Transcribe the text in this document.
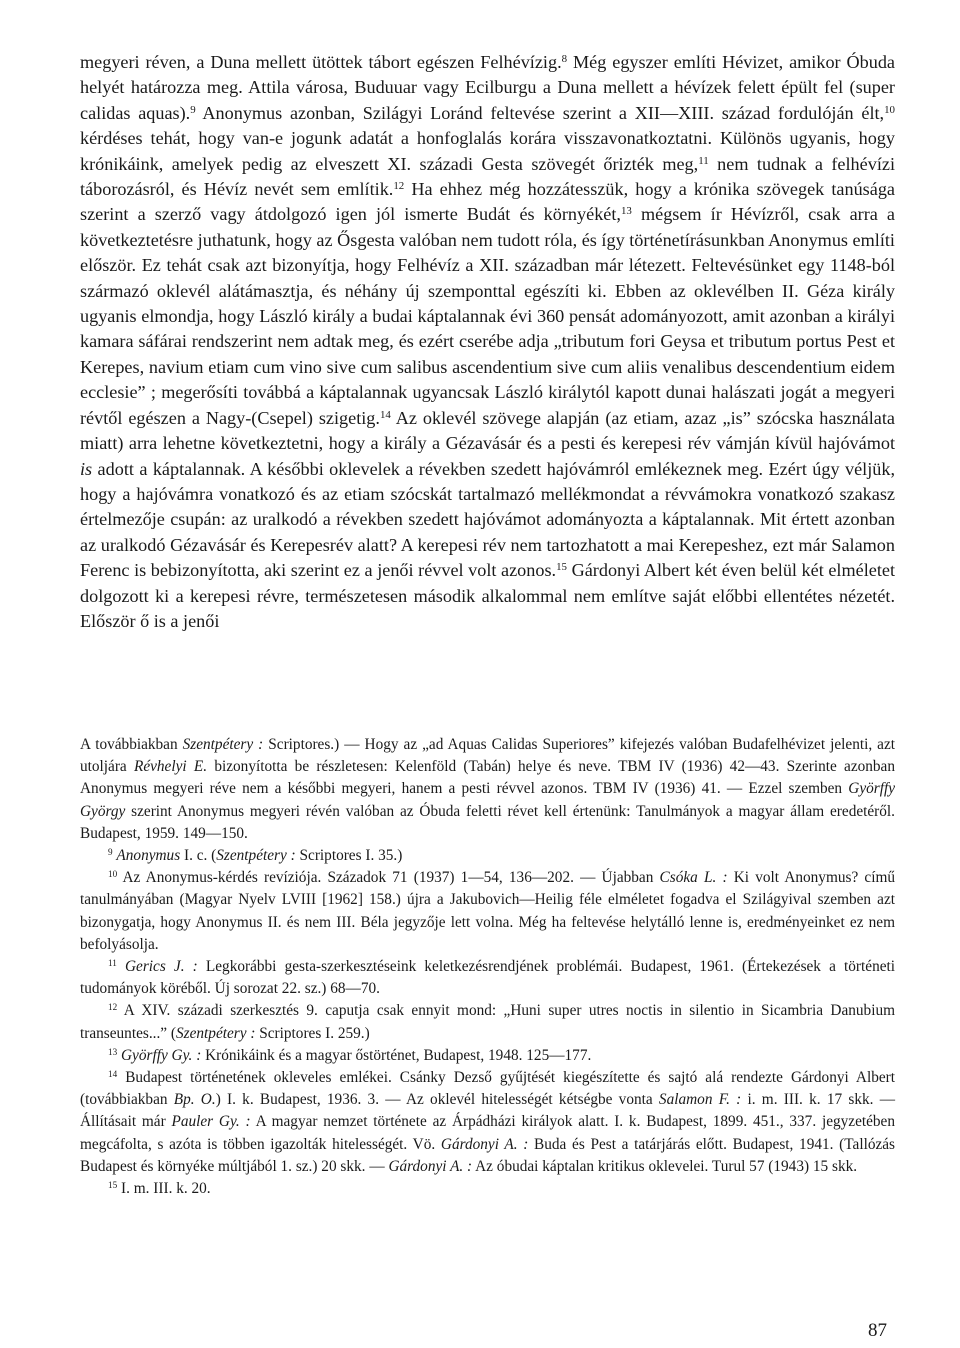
megyeri réven, a Duna mellett ütöttek tábort egészen Felhévízig.$^8$ Még egyszer említi Hévizet, amikor Óbuda helyét határozza meg. Attila városa, Buduuar vagy Ecilburgu a Duna mellett a hévízek felett épült fel (super calidas aquas).$^9$ Anonymus azonban, Szilágyi Loránd feltevése szerint a XII—XIII. század fordulóján élt,$^{10}$ kérdéses tehát, hogy van-e jogunk adatát a honfoglalás korára visszavonatkoztatni. Különös ugyanis, hogy krónikáink, amelyek pedig az elveszett XI. századi Gesta szövegét őrizték meg,$^{11}$ nem tudnak a felhévízi táborozásról, és Hévíz nevét sem említik.$^{12}$ Ha ehhez még hozzátesszük, hogy a krónika szövegek tanúsága szerint a szerző vagy átdolgozó igen jól ismerte Budát és környékét,$^{13}$ mégsem ír Hévízről, csak arra a következtetésre juthatunk, hogy az Ősgesta valóban nem tudott róla, és így történetírásunkban Anonymus említi először. Ez tehát csak azt bizonyítja, hogy Felhévíz a XII. században már létezett. Feltevésünket egy 1148-ból származó oklevél alátámasztja, és néhány új szemponttal egészíti ki. Ebben az oklevélben II. Géza király ugyanis elmondja, hogy László király a budai káptalannak évi 360 pensát adományozott, amit azonban a királyi kamara sáfárai rendszerint nem adtak meg, és ezért cserébe adja „tributum fori Geysa et tributum portus Pest et Kerepes, navium etiam cum vino sive cum salibus ascendentium sive cum aliis venalibus descendentium eidem ecclesie” ; megerősíti továbbá a káptalannak ugyancsak László királytól kapott dunai halászati jogát a megyeri révtől egészen a Nagy-(Csepel) szigetig.$^{14}$ Az oklevél szövege alapján (az etiam, azaz „is” szócska használata miatt) arra lehetne következtetni, hogy a király a Gézavásár és a pesti és kerepesi rév vámján kívül hajóvámot is adott a káptalannak. A későbbi oklevelek a révekben szedett hajóvámról emlékeznek meg. Ezért úgy véljük, hogy a hajóvámra vonatkozó és az etiam szócskát tartalmazó mellékmondat a révvámokra vonatkozó szakasz értelmezője csupán: az uralkodó a révekben szedett hajóvámot adományozta a káptalannak. Mit értett azonban az uralkodó Gézavásár és Kerepesrév alatt? A kerepesi rév nem tartozhatott a mai Kerepeshez, ezt már Salamon Ferenc is bebizonyította, aki szerint ez a jenői révvel volt azonos.$^{15}$ Gárdonyi Albert két éven belül két elméletet dolgozott ki a kerepesi révre, természetesen második alkalommal nem említve saját előbbi ellentétes nézetét. Először ő is a jenői

A továbbiakban Szentpétery : Scriptores.) — Hogy az „ad Aquas Calidas Superiores” kifejezés valóban Budafelhévizet jelenti, azt utoljára Révhelyi E. bizonyította be részletesen: Kelenföld (Tabán) helye és neve. TBM IV (1936) 42—43. Szerinte azonban Anonymus megyeri réve nem a későbbi megyeri, hanem a pesti révvel azonos. TBM IV (1936) 41. — Ezzel szemben Györffy György szerint Anonymus megyeri révén valóban az Óbuda feletti révet kell értenünk: Tanulmányok a magyar állam eredetéről. Budapest, 1959. 149—150.

$^9$ Anonymus I. c. (Szentpétery : Scriptores I. 35.)

$^{10}$ Az Anonymus-kérdés revíziója. Századok 71 (1937) 1—54, 136—202. — Újabban Csóka L. : Ki volt Anonymus? című tanulmányában (Magyar Nyelv LVIII [1962] 158.) újra a Jakubovich—Heilig féle elméletet fogadva el Szilágyival szemben azt bizonygatja, hogy Anonymus II. és nem III. Béla jegyzője lett volna. Még ha feltevése helytálló lenne is, eredményeinket ez nem befolyásolja.

$^{11}$ Gerics J. : Legkorábbi gesta-szerkesztéseink keletkezésrendjének problémái. Budapest, 1961. (Értekezések a történeti tudományok köréből. Új sorozat 22. sz.) 68—70.

$^{12}$ A XIV. századi szerkesztés 9. caputja csak ennyit mond: „Huni super utres noctis in silentio in Sicambria Danubium transeuntes...” (Szentpétery : Scriptores I. 259.)

$^{13}$ Györffy Gy. : Krónikáink és a magyar őstörténet, Budapest, 1948. 125—177.

$^{14}$ Budapest történetének okleveles emlékei. Csánky Dezső gyűjtését kiegészítette és sajtó alá rendezte Gárdonyi Albert (továbbiakban Bp. O.) I. k. Budapest, 1936. 3. — Az oklevél hitelességét kétségbe vonta Salamon F. : i. m. III. k. 17 skk. — Állításait már Pauler Gy. : A magyar nemzet története az Árpádházi királyok alatt. I. k. Budapest, 1899. 451., 337. jegyzetében megcáfolta, s azóta is többen igazolták hitelességét. Vö. Gárdonyi A. : Buda és Pest a tatárjárás előtt. Budapest, 1941. (Tallózás Budapest és környéke múltjából 1. sz.) 20 skk. — Gárdonyi A. : Az óbudai káptalan kritikus oklevelei. Turul 57 (1943) 15 skk.

$^{15}$ I. m. III. k. 20.

87
